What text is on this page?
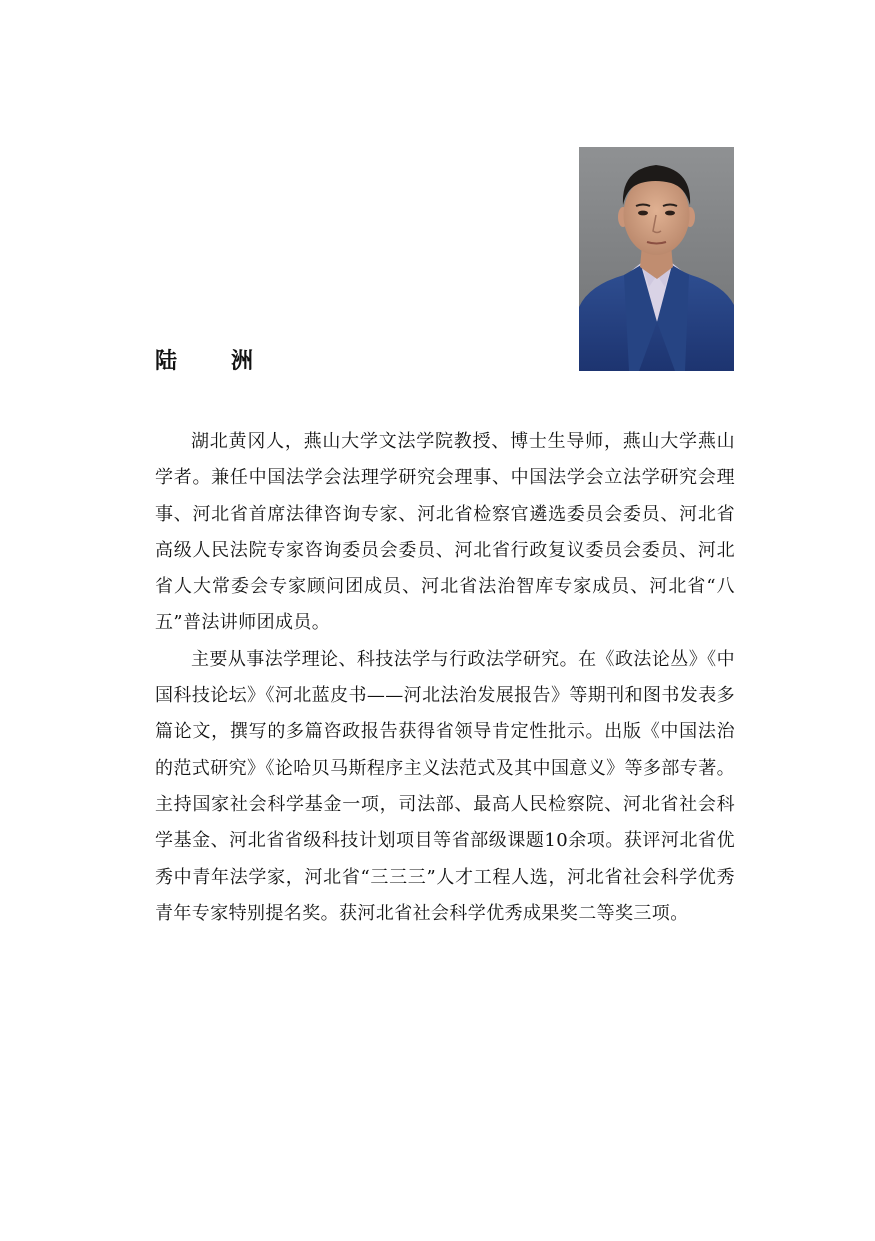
陆　洲

湖北黄冈人，燕山大学文法学院教授、博士生导师，燕山大学燕山学者。兼任中国法学会法理学研究会理事、中国法学会立法学研究会理事、河北省首席法律咨询专家、河北省检察官遴选委员会委员、河北省高级人民法院专家咨询委员会委员、河北省行政复议委员会委员、河北省人大常委会专家顾问团成员、河北省法治智库专家成员、河北省“八五”普法讲师团成员。

主要从事法学理论、科技法学与行政法学研究。在《政法论丛》《中国科技论坛》《河北蓝皮书——河北法治发展报告》等期刊和图书发表多篇论文，撰写的多篇咨政报告获得省领导肯定性批示。出版《中国法治的范式研究》《论哈贝马斯程序主义法范式及其中国意义》等多部专著。主持国家社会科学基金一项，司法部、最高人民检察院、河北省社会科学基金、河北省省级科技计划项目等省部级课题10余项。获评河北省优秀中青年法学家，河北省“三三三”人才工程人选，河北省社会科学优秀青年专家特别提名奖。获河北省社会科学优秀成果奖二等奖三项。
